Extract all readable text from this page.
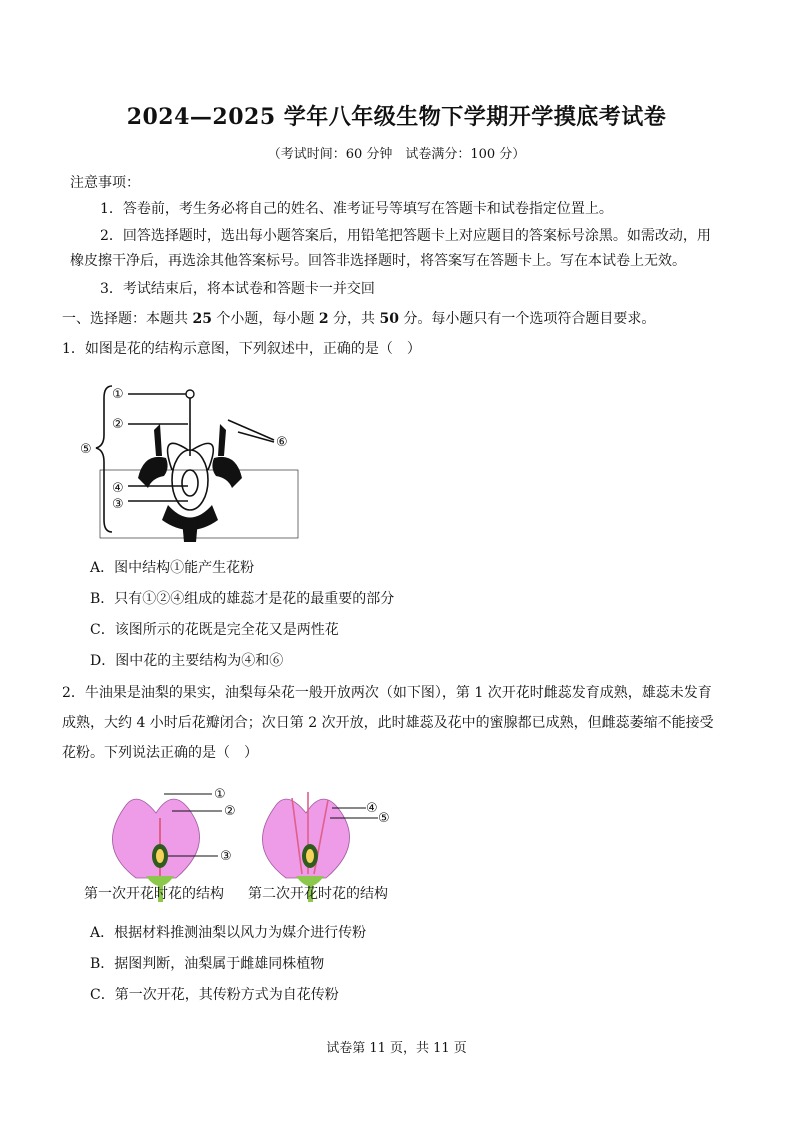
2024—2025 学年八年级生物下学期开学摸底考试卷
（考试时间：60 分钟　试卷满分：100 分）
注意事项：
1．答卷前，考生务必将自己的姓名、准考证号等填写在答题卡和试卷指定位置上。
2．回答选择题时，选出每小题答案后，用铅笔把答题卡上对应题目的答案标号涂黑。如需改动，用
橡皮擦干净后，再选涂其他答案标号。回答非选择题时，将答案写在答题卡上。写在本试卷上无效。
3．考试结束后，将本试卷和答题卡一并交回
一、选择题：本题共 25 个小题，每小题 2 分，共 50 分。每小题只有一个选项符合题目要求。
1．如图是花的结构示意图，下列叙述中，正确的是（　）
①
②
③
④
⑤	⑥
A．图中结构①能产生花粉
B．只有①②④组成的雄蕊才是花的最重要的部分
C．该图所示的花既是完全花又是两性花
D．图中花的主要结构为④和⑥
2．牛油果是油梨的果实，油梨每朵花一般开放两次（如下图），第 1 次开花时雌蕊发育成熟，雄蕊未发育
成熟，大约 4 小时后花瓣闭合；次日第 2 次开放，此时雄蕊及花中的蜜腺都已成熟，但雌蕊萎缩不能接受
花粉。下列说法正确的是（　）
①
②
③
④
⑤
第一次开花时花的结构 第二次开花时花的结构
A．根据材料推测油梨以风力为媒介进行传粉
B．据图判断，油梨属于雌雄同株植物
C．第一次开花，其传粉方式为自花传粉
试卷第 11 页，共 11 页
